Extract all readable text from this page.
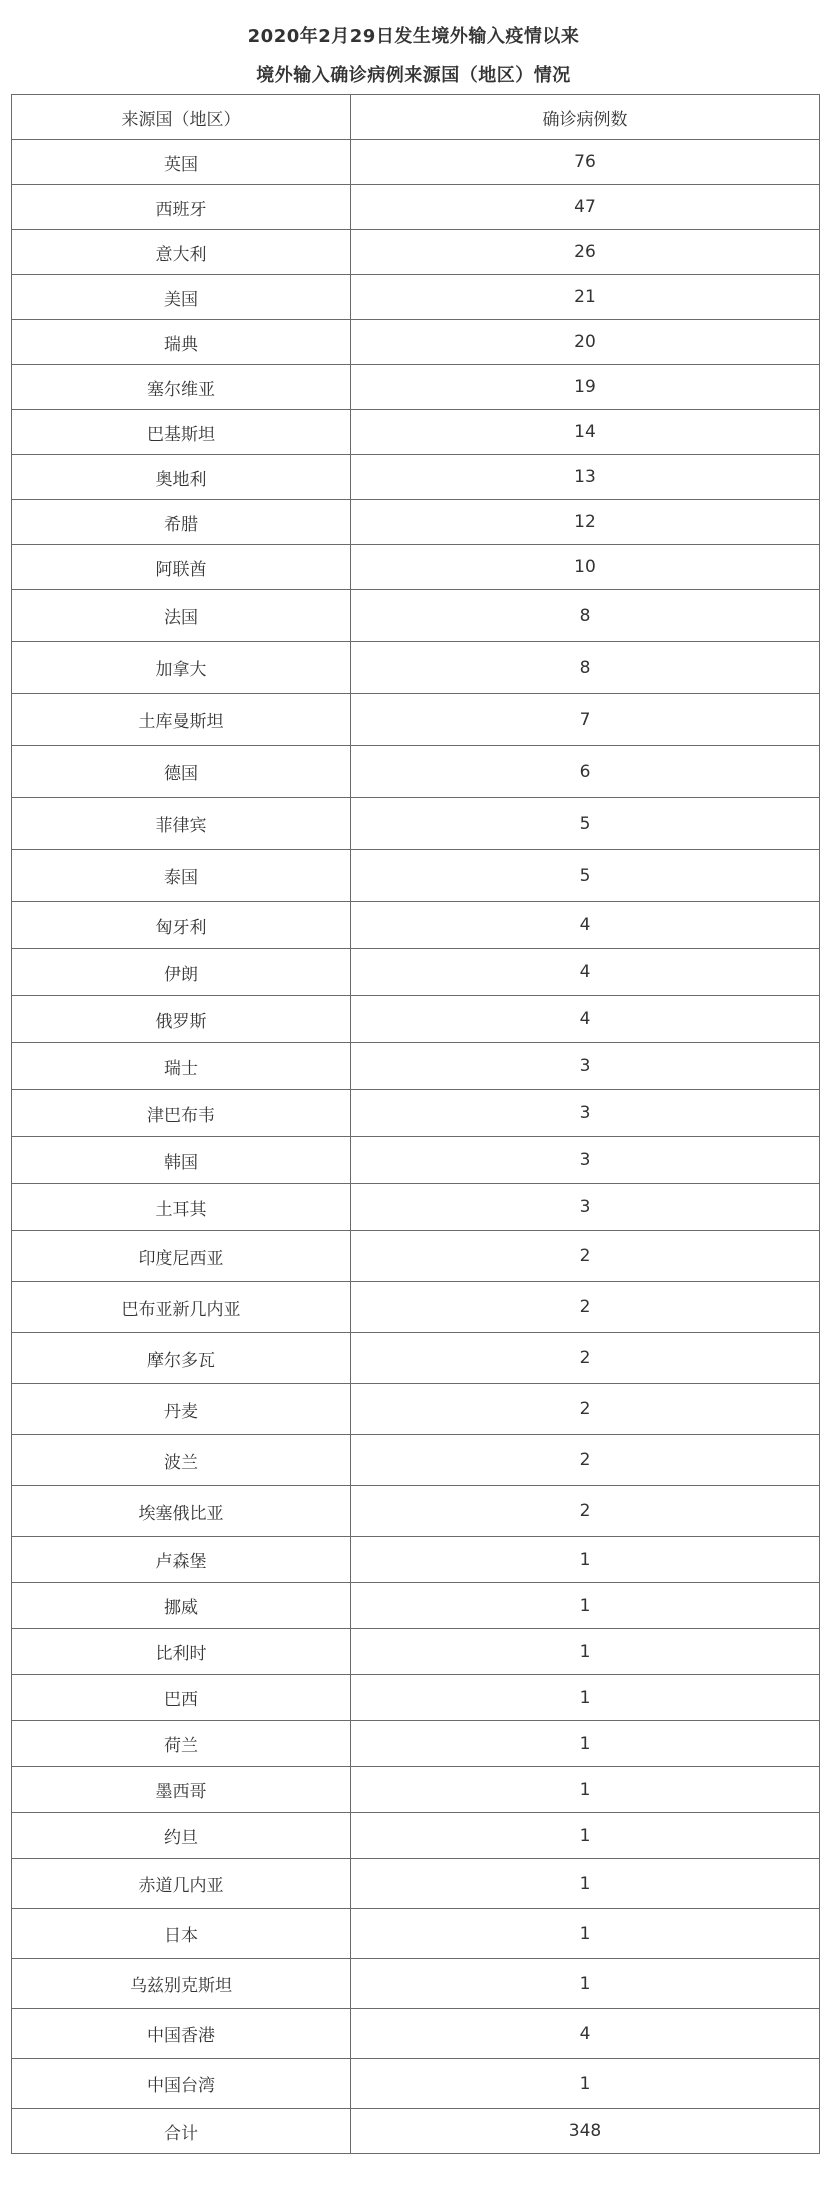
2020年2月29日发生境外输入疫情以来
境外输入确诊病例来源国（地区）情况
来源国（地区）	确诊病例数
英国	76
西班牙	47
意大利	26
美国	21
瑞典	20
塞尔维亚	19
巴基斯坦	14
奥地利	13
希腊	12
阿联酋	10
法国	8
加拿大	8
土库曼斯坦	7
德国	6
菲律宾	5
泰国	5
匈牙利	4
伊朗	4
俄罗斯	4
瑞士	3
津巴布韦	3
韩国	3
土耳其	3
印度尼西亚	2
巴布亚新几内亚	2
摩尔多瓦	2
丹麦	2
波兰	2
埃塞俄比亚	2
卢森堡	1
挪威	1
比利时	1
巴西	1
荷兰	1
墨西哥	1
约旦	1
赤道几内亚	1
日本	1
乌兹别克斯坦	1
中国香港	4
中国台湾	1
合计	348
